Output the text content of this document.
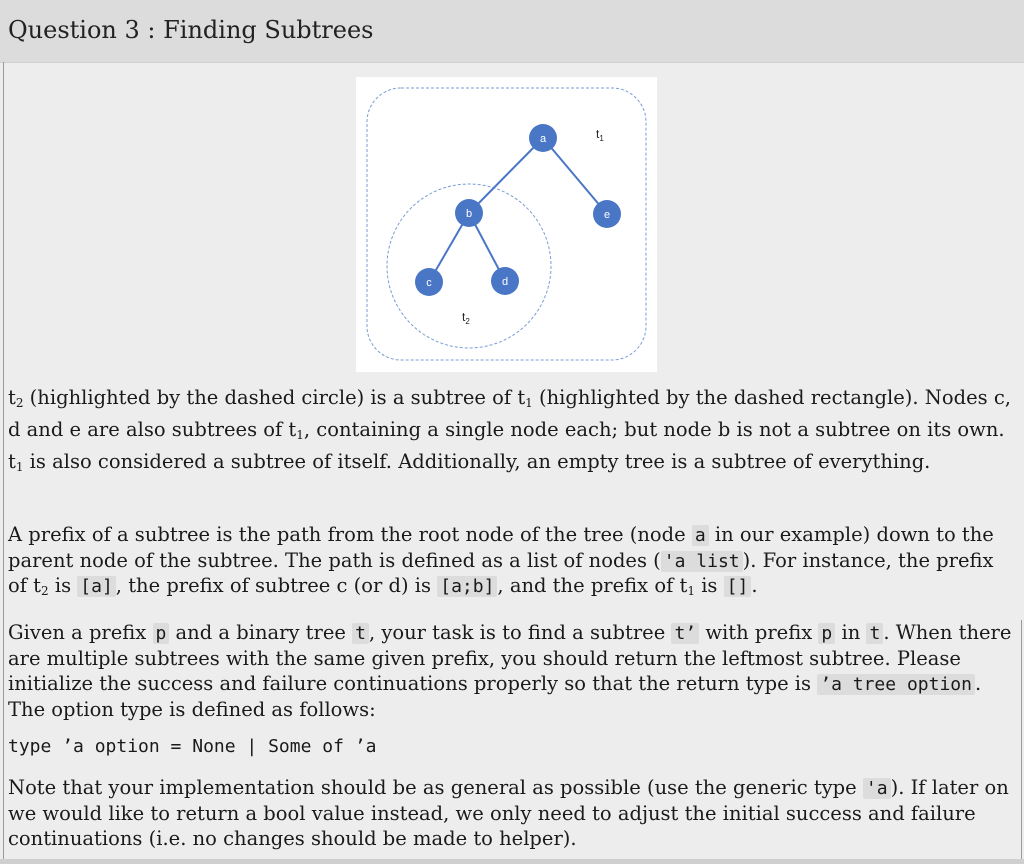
Question 3 : Finding Subtrees
a
b	e
c	d
$t_1$
$t_2$

$t_2$ (highlighted by the dashed circle) is a subtree of $t_1$ (highlighted by the dashed rectangle). Nodes c, d and e are also subtrees of $t_1$, containing a single node each; but node b is not a subtree on its own. $t_1$ is also considered a subtree of itself. Additionally, an empty tree is a subtree of everything.

A prefix of a subtree is the path from the root node of the tree (node a in our example) down to the parent node of the subtree. The path is defined as a list of nodes ( 'a list ). For instance, the prefix of $t_2$ is [a] , the prefix of subtree c (or d) is [a;b] , and the prefix of $t_1$ is [] .

Given a prefix p and a binary tree t , your task is to find a subtree t’ with prefix p in t . When there are multiple subtrees with the same given prefix, you should return the leftmost subtree. Please initialize the success and failure continuations properly so that the return type is ’a tree option . The option type is defined as follows:

type ’a option = None | Some of ’a

Note that your implementation should be as general as possible (use the generic type 'a ). If later on we would like to return a bool value instead, we only need to adjust the initial success and failure continuations (i.e. no changes should be made to helper).
